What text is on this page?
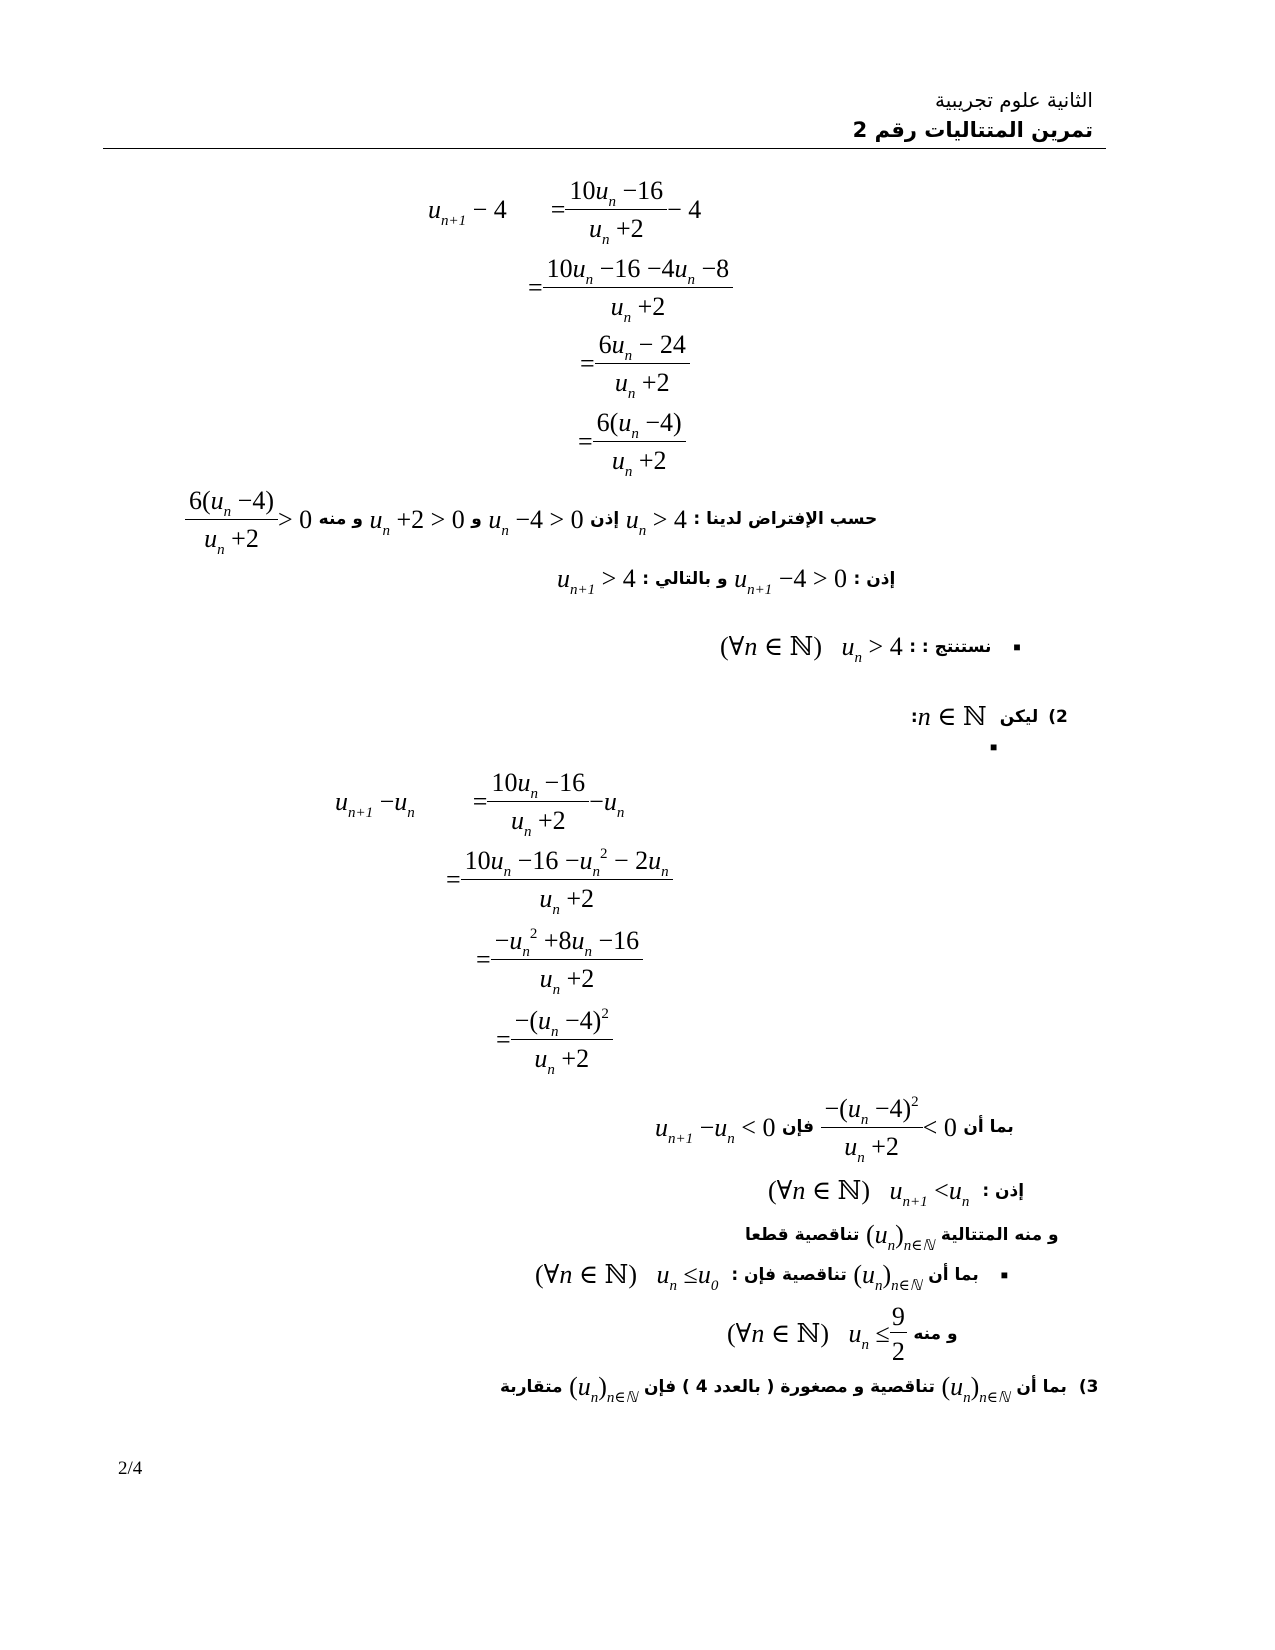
الثانية علوم تجريبية
تمرين المتتاليات رقم 2
$u_{n+1} - 4 = \frac{10u_n -16}{u_n +2} - 4$
= $\frac{10u_n -16 -4u_n -8}{u_n +2}$
= $\frac{6u_n - 24}{u_n +2}$
= $\frac{6(u_n -4)}{u_n +2}$
$\frac{6(u_n -4)}{u_n +2} > 0$ و منه $u_n +2 > 0$ و $u_n -4 > 0$ إذن $u_n > 4$ حسب الإفتراض لدينا :
$u_{n+1} > 4$ و بالتالي : $u_{n+1} -4 > 0$ إذن :
(∀n ∈ ℕ)   $u_n > 4$ نستنتج : : ■
: n ∈ ℕ ليكن 2)
■
$u_{n+1} -u_n = \frac{10u_n -16}{u_n +2} -u_n$
= $\frac{10u_n -16 -u_n^2 - 2u_n}{u_n +2}$
= $\frac{-u_n^2 +8u_n -16}{u_n +2}$
= $\frac{-(u_n -4)^2}{u_n +2}$
$u_{n+1} -u_n < 0$ فإن
$\frac{-(u_n -4)^2}{u_n +2} < 0$ بما أن
(∀n ∈ ℕ)   $u_{n+1} <u_n$
إذن :
تناقصية قطعا $(u_n)_{n\in ℕ}$
و منه المتتالية
(∀n ∈ ℕ)   $u_n \le u_0$
تناقصية فإن : $(u_n)_{n\in ℕ}$
بما أن ■
(∀n ∈ ℕ)   $u_n \le \frac{9}{2}$
و منه
متقاربة $(u_n)_{n\in ℕ}$
تناقصية و مصغورة ( بالعدد 4 ) فإن $(u_n)_{n\in ℕ}$
بما أن 3)
2/4
